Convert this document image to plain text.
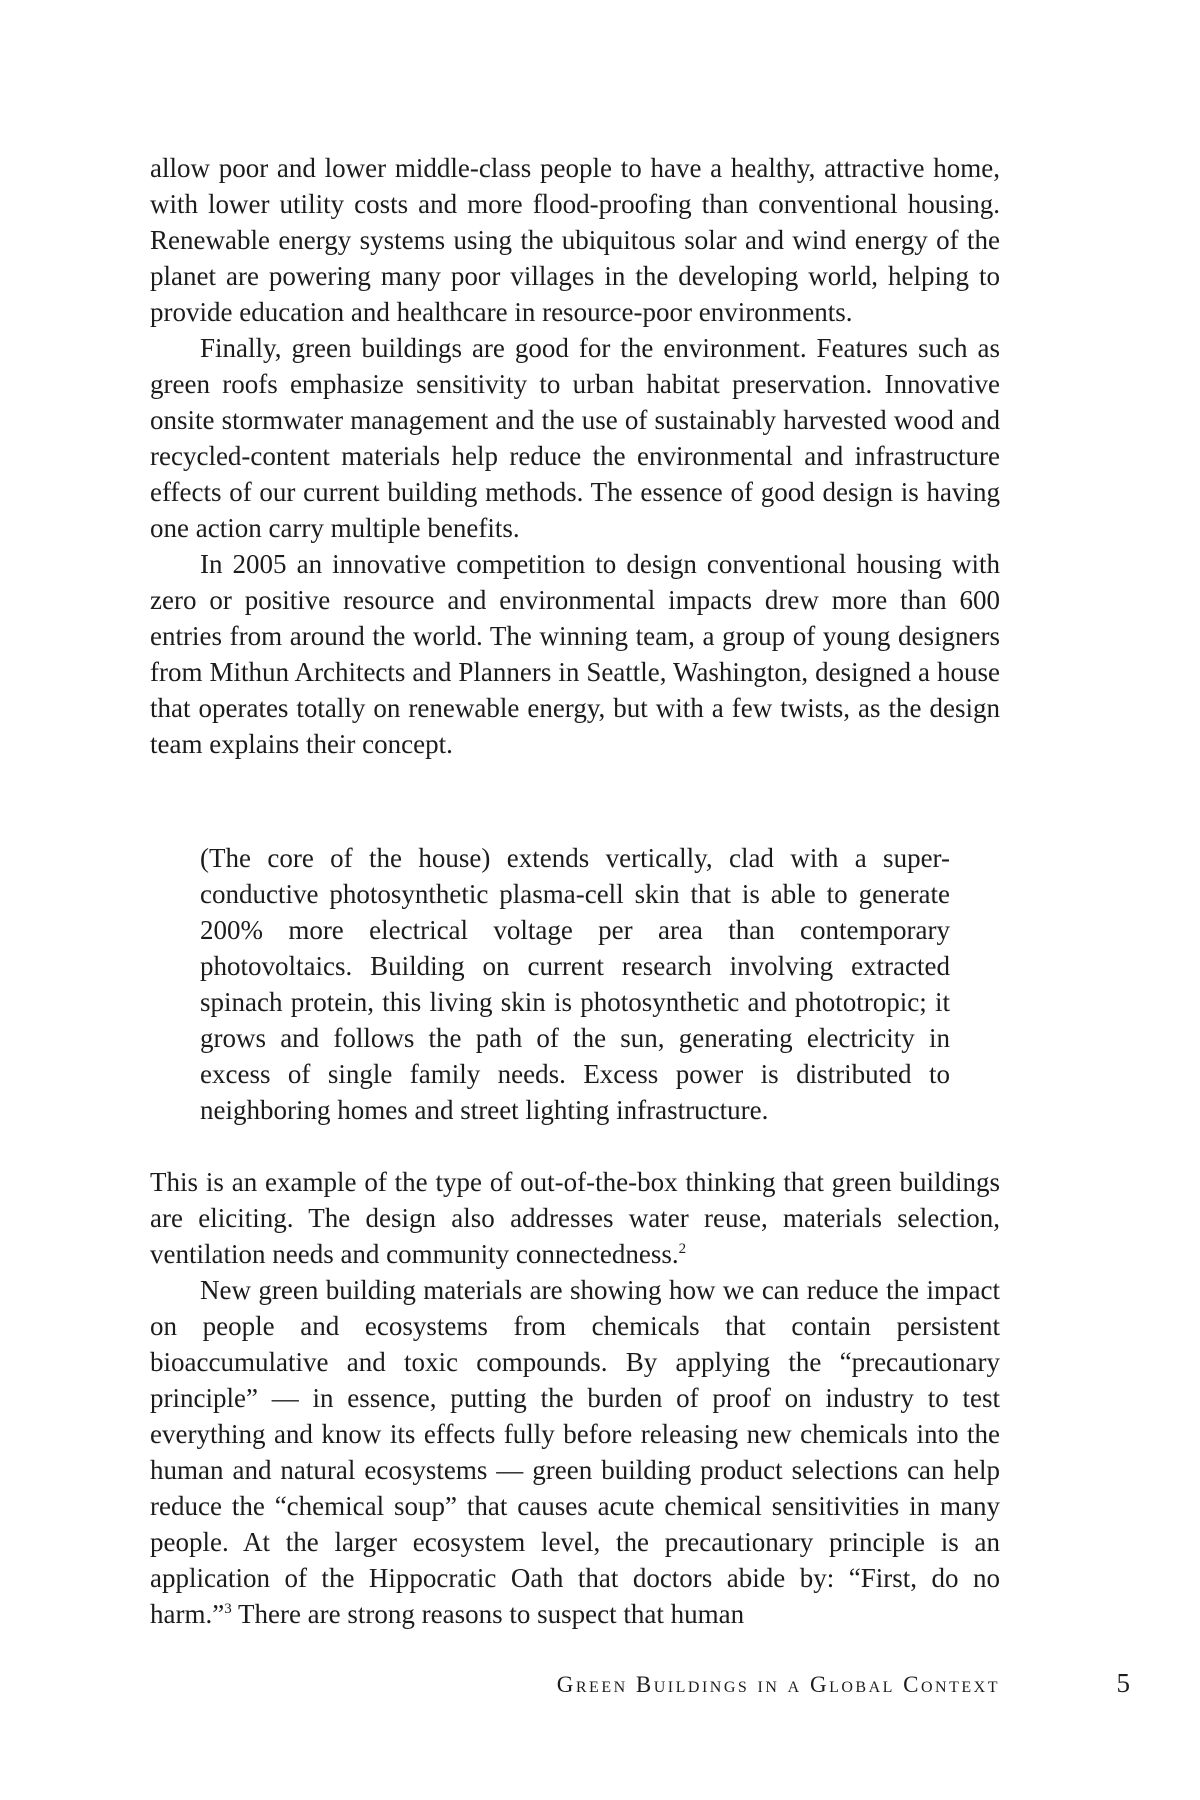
allow poor and lower middle-class people to have a healthy, attractive home, with lower utility costs and more flood-proofing than conventional housing. Renewable energy systems using the ubiquitous solar and wind energy of the planet are powering many poor villages in the developing world, helping to provide education and healthcare in resource-poor environments.

Finally, green buildings are good for the environment. Features such as green roofs emphasize sensitivity to urban habitat preservation. Innovative onsite stormwater management and the use of sustainably harvested wood and recycled-content materials help reduce the environmental and infrastructure effects of our current building methods. The essence of good design is having one action carry multiple benefits.

In 2005 an innovative competition to design conventional housing with zero or positive resource and environmental impacts drew more than 600 entries from around the world. The winning team, a group of young designers from Mithun Architects and Planners in Seattle, Washington, designed a house that operates totally on renewable energy, but with a few twists, as the design team explains their concept.

(The core of the house) extends vertically, clad with a super-conductive photosynthetic plasma-cell skin that is able to generate 200% more electrical voltage per area than contemporary photovoltaics. Building on current research involving extracted spinach protein, this living skin is photosynthetic and phototropic; it grows and follows the path of the sun, generating electricity in excess of single family needs. Excess power is distributed to neighboring homes and street lighting infrastructure.

This is an example of the type of out-of-the-box thinking that green buildings are eliciting. The design also addresses water reuse, materials selection, ventilation needs and community connectedness.$^2$

New green building materials are showing how we can reduce the impact on people and ecosystems from chemicals that contain persistent bioaccumulative and toxic compounds. By applying the “precautionary principle” — in essence, putting the burden of proof on industry to test everything and know its effects fully before releasing new chemicals into the human and natural ecosystems — green building product selections can help reduce the “chemical soup” that causes acute chemical sensitivities in many people. At the larger ecosystem level, the precautionary principle is an application of the Hippocratic Oath that doctors abide by: “First, do no harm.”$^3$ There are strong reasons to suspect that human

Green Buildings in a Global Context	5
